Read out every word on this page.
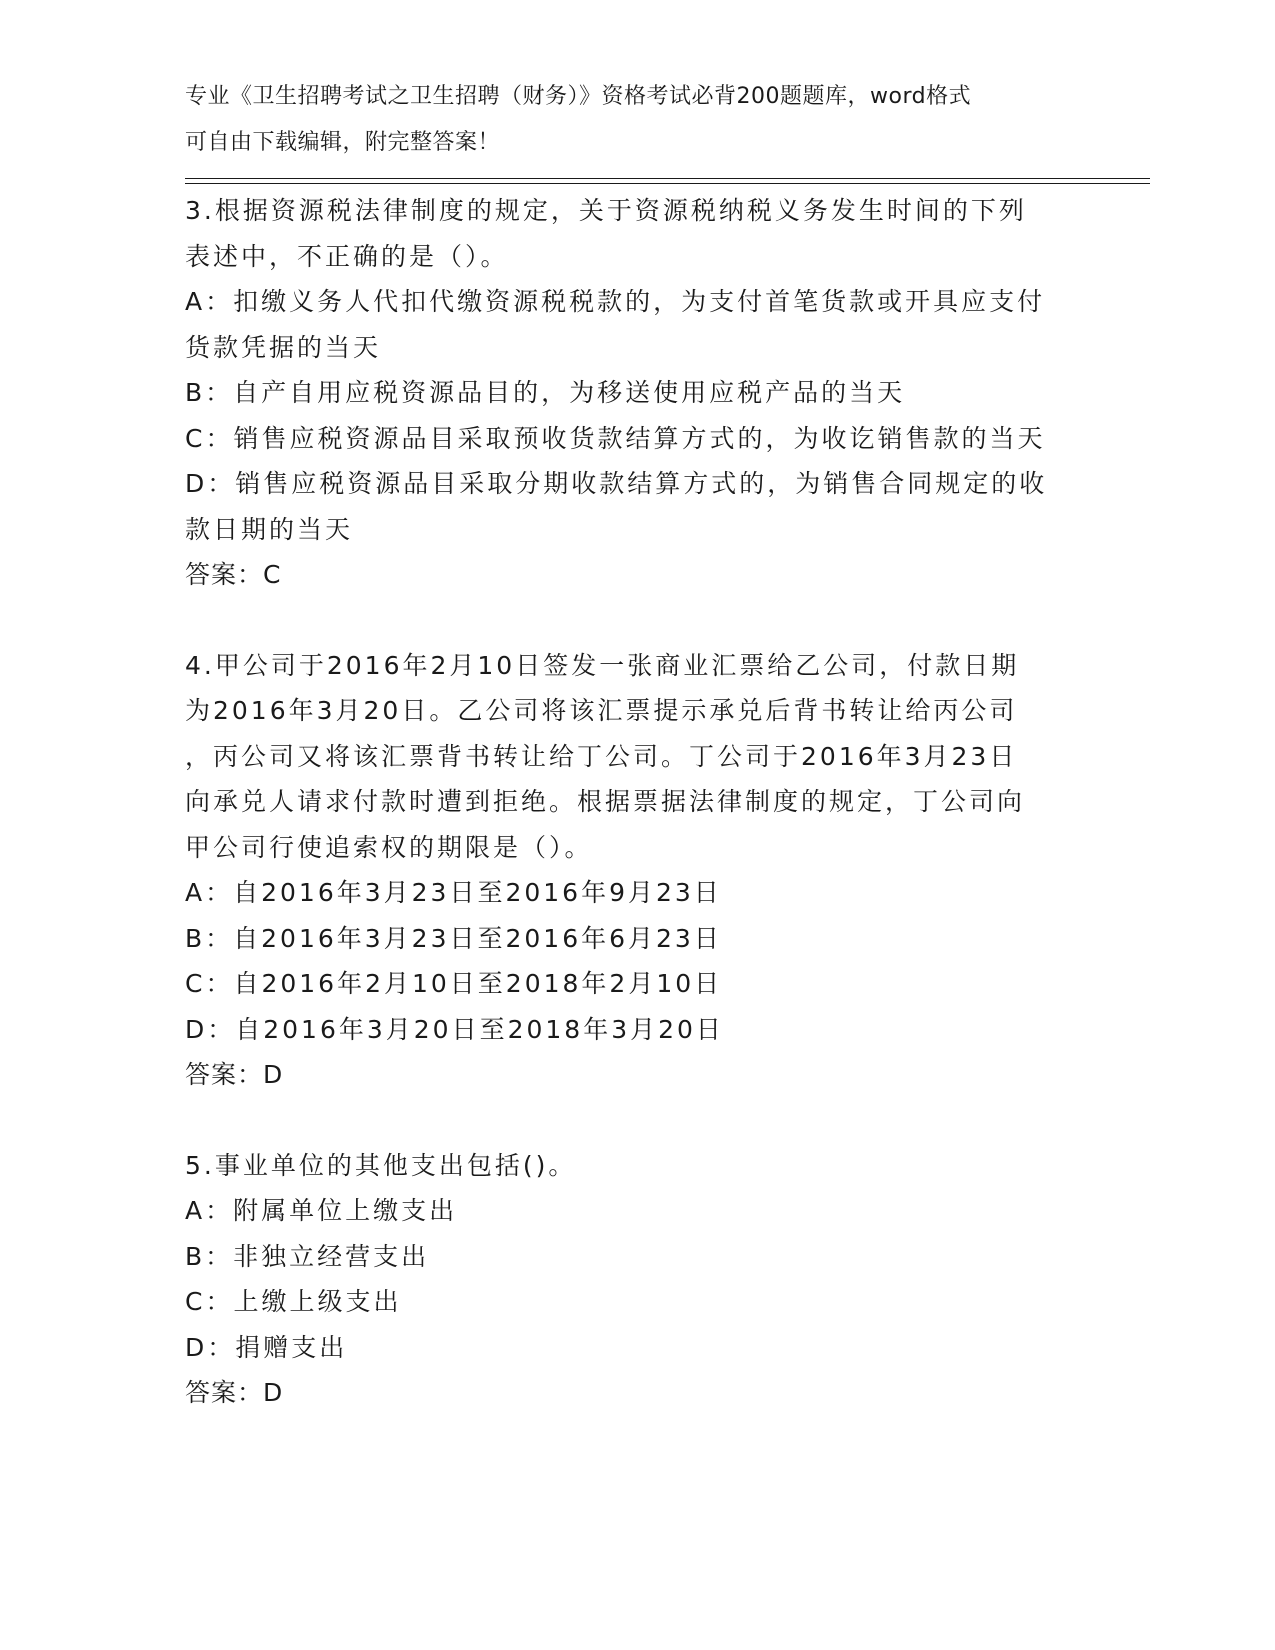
专业《卫生招聘考试之卫生招聘（财务）》资格考试必背200题题库，word格式
可自由下载编辑，附完整答案！
3.根据资源税法律制度的规定，关于资源税纳税义务发生时间的下列
表述中，不正确的是（）。
A：扣缴义务人代扣代缴资源税税款的，为支付首笔货款或开具应支付
货款凭据的当天
B：自产自用应税资源品目的，为移送使用应税产品的当天
C：销售应税资源品目采取预收货款结算方式的，为收讫销售款的当天
D：销售应税资源品目采取分期收款结算方式的，为销售合同规定的收
款日期的当天
答案：C
4.甲公司于2016年2月10日签发一张商业汇票给乙公司，付款日期
为2016年3月20日。乙公司将该汇票提示承兑后背书转让给丙公司
，丙公司又将该汇票背书转让给丁公司。丁公司于2016年3月23日
向承兑人请求付款时遭到拒绝。根据票据法律制度的规定，丁公司向
甲公司行使追索权的期限是（）。
A：自2016年3月23日至2016年9月23日
B：自2016年3月23日至2016年6月23日
C：自2016年2月10日至2018年2月10日
D：自2016年3月20日至2018年3月20日
答案：D
5.事业单位的其他支出包括()。
A：附属单位上缴支出
B：非独立经营支出
C：上缴上级支出
D：捐赠支出
答案：D
